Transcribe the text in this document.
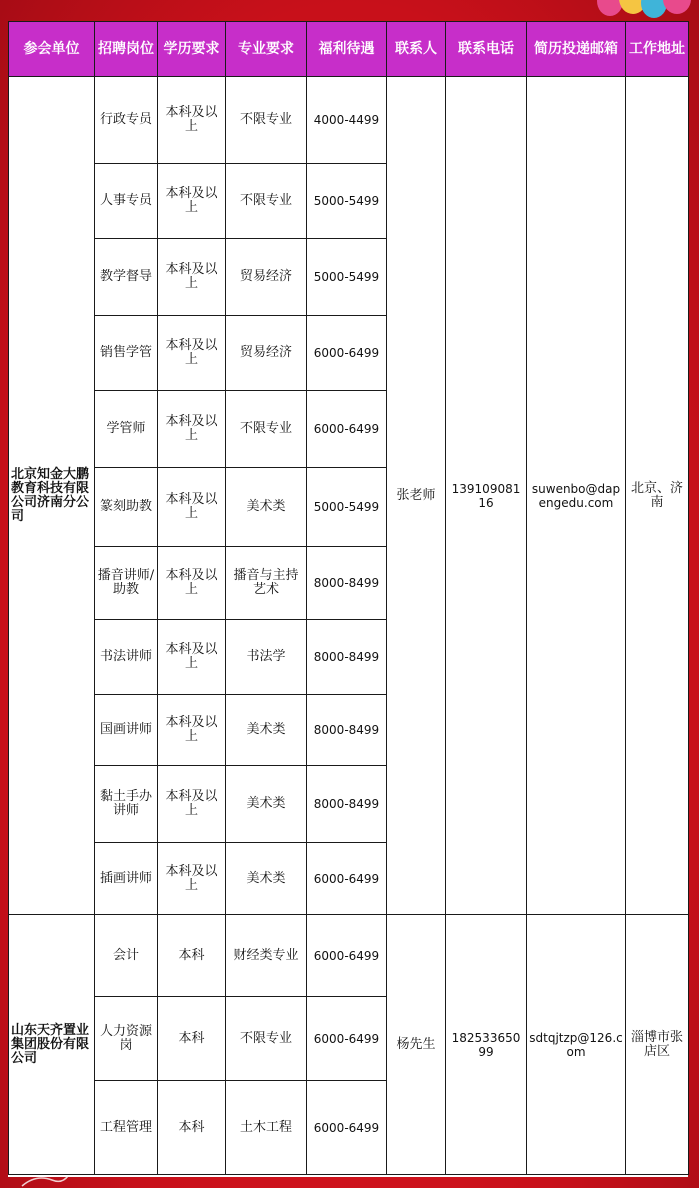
参会单位	招聘岗位	学历要求	专业要求	福利待遇	联系人	联系电话	简历投递邮箱	工作地址
北京知金大鹏教育科技有限公司济南分公司	行政专员	本科及以上	不限专业	4000-4499	张老师	13910908116	suwenbo@dapengedu.com	北京、济南
	人事专员	本科及以上	不限专业	5000-5499				
	教学督导	本科及以上	贸易经济	5000-5499				
	销售学管	本科及以上	贸易经济	6000-6499				
	学管师	本科及以上	不限专业	6000-6499				
	篆刻助教	本科及以上	美术类	5000-5499				
	播音讲师/助教	本科及以上	播音与主持艺术	8000-8499				
	书法讲师	本科及以上	书法学	8000-8499				
	国画讲师	本科及以上	美术类	8000-8499				
	黏土手办讲师	本科及以上	美术类	8000-8499				
	插画讲师	本科及以上	美术类	6000-6499				
山东天齐置业集团股份有限公司	会计	本科	财经类专业	6000-6499	杨先生	18253365099	sdtqjtzp@126.com	淄博市张店区
	人力资源岗	本科	不限专业	6000-6499				
	工程管理	本科	土木工程	6000-6499				
